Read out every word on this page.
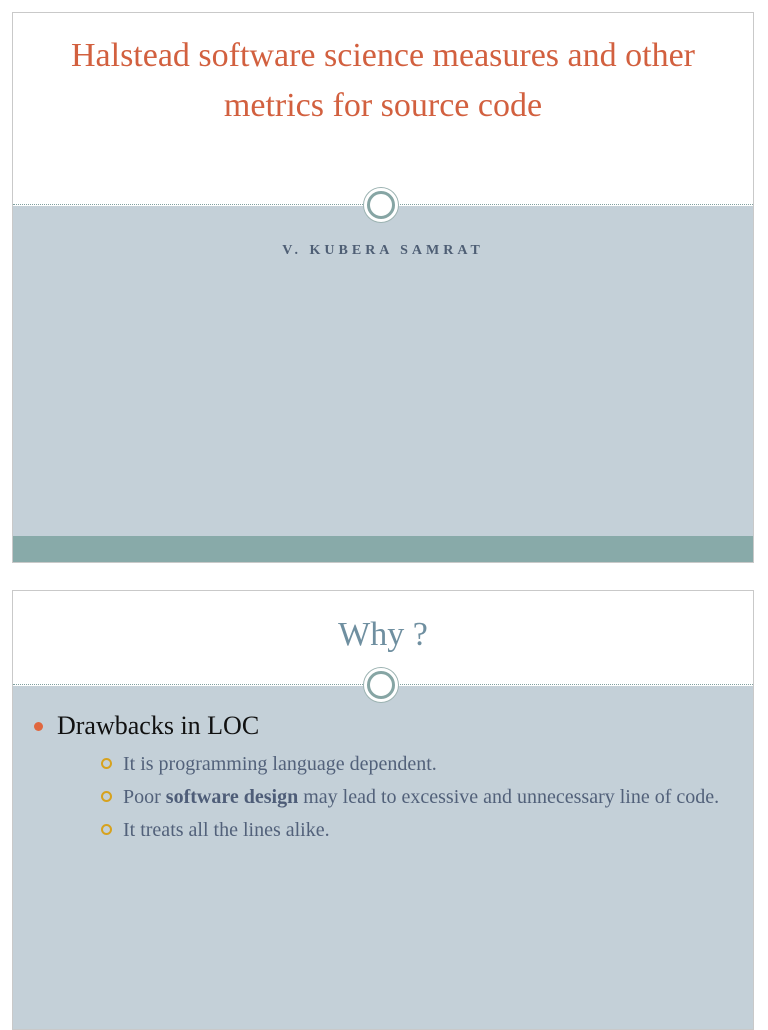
Halstead software science measures and other metrics for source code
V. KUBERA SAMRAT
Why ?
Drawbacks in LOC
It is programming language dependent.
Poor software design may lead to excessive and unnecessary line of code.
It treats all the lines alike.
